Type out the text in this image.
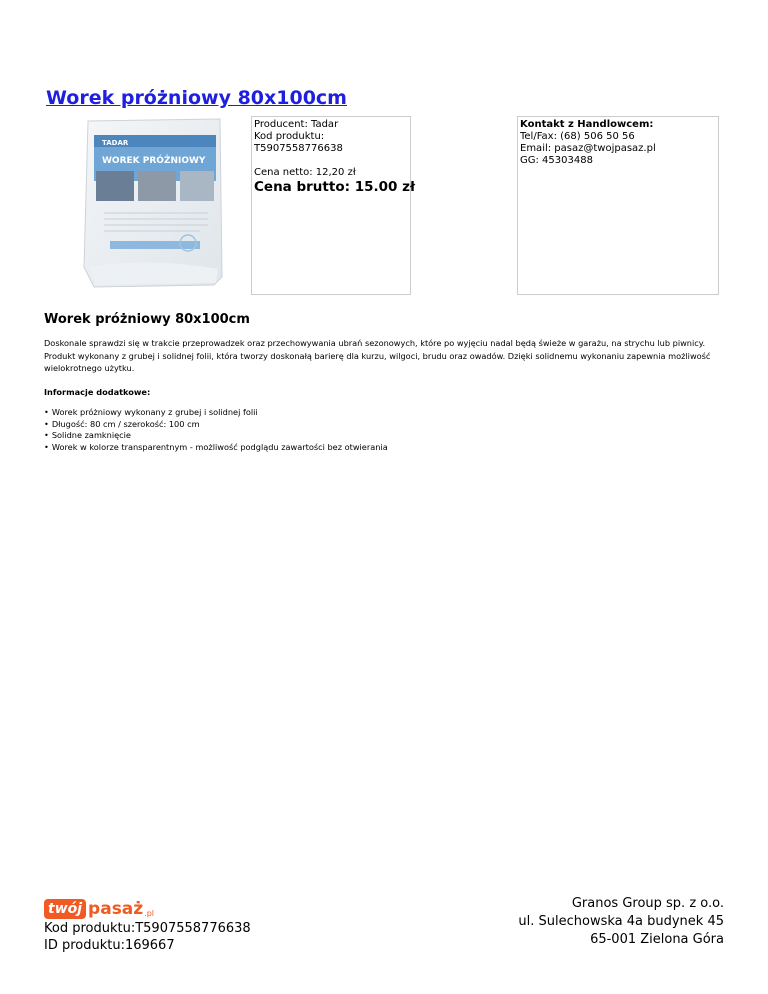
Worek próżniowy 80x100cm
TADAR
WOREK PRÓŻNIOWY
Producent: Tadar
Kod produktu: T5907558776638
Cena netto: 12,20 zł
Cena brutto: 15.00 zł
Kontakt z Handlowcem:
Tel/Fax: (68) 506 50 56
Email: pasaz@twojpasaz.pl
GG: 45303488
Worek próżniowy 80x100cm

Doskonale sprawdzi się w trakcie przeprowadzek oraz przechowywania ubrań sezonowych, które po wyjęciu nadal będą świeże w garażu, na strychu lub piwnicy. Produkt wykonany z grubej i solidnej folii, która tworzy doskonałą barierę dla kurzu, wilgoci, brudu oraz owadów. Dzięki solidnemu wykonaniu zapewnia możliwość wielokrotnego użytku.

Informacje dodatkowe:

• Worek próżniowy wykonany z grubej i solidnej folii
• Długość: 80 cm / szerokość: 100 cm
• Solidne zamknięcie
• Worek w kolorze transparentnym - możliwość podglądu zawartości bez otwierania
twój pasaż .pl
Kod produktu:T5907558776638
ID produktu:169667
Granos Group sp. z o.o.
ul. Sulechowska 4a budynek 45
65-001 Zielona Góra
